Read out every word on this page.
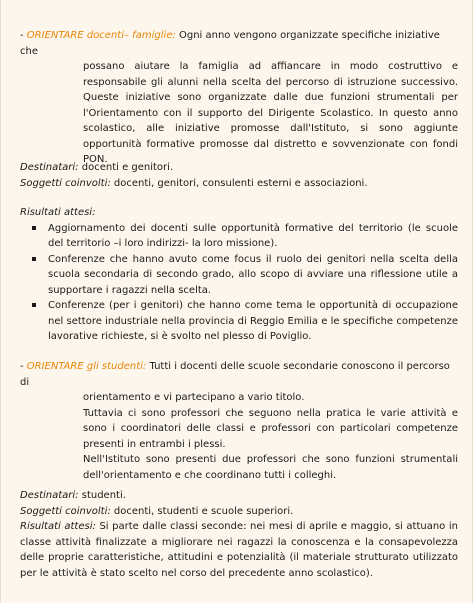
- ORIENTARE docenti– famiglie: Ogni anno vengono organizzate specifiche iniziative che

possano aiutare la famiglia ad affiancare in modo costruttivo e responsabile gli alunni nella scelta del percorso di istruzione successivo. Queste iniziative sono organizzate dalle due funzioni strumentali per l'Orientamento con il supporto del Dirigente Scolastico. In questo anno scolastico, alle iniziative promosse dall'Istituto, si sono aggiunte opportunità formative promosse dal distretto e sovvenzionate con fondi PON.

Destinatari: docenti e genitori.

Soggetti coinvolti: docenti, genitori, consulenti esterni e associazioni.

Risultati attesi:

Aggiornamento dei docenti sulle opportunità formative del territorio (le scuole del territorio –i loro indirizzi- la loro missione).
Conferenze che hanno avuto come focus il ruolo dei genitori nella scelta della scuola secondaria di secondo grado, allo scopo di avviare una riflessione utile a supportare i ragazzi nella scelta.
Conferenze (per i genitori) che hanno come tema le opportunità di occupazione nel settore industriale nella provincia di Reggio Emilia e le specifiche competenze lavorative richieste, si è svolto nel plesso di Poviglio.

- ORIENTARE gli studenti: Tutti i docenti delle scuole secondarie conoscono il percorso di

orientamento e vi partecipano a vario titolo.

Tuttavia ci sono professori che seguono nella pratica le varie attività e sono i coordinatori delle classi e professori con particolari competenze presenti in entrambi i plessi.

Nell'Istituto sono presenti due professori che sono funzioni strumentali dell'orientamento e che coordinano tutti i colleghi.

Destinatari: studenti.

Soggetti coinvolti: docenti, studenti e scuole superiori.

Risultati attesi: Si parte dalle classi seconde: nei mesi di aprile e maggio, si attuano in classe attività finalizzate a migliorare nei ragazzi la conoscenza e la consapevolezza delle proprie caratteristiche, attitudini e potenzialità (il materiale strutturato utilizzato per le attività è stato scelto nel corso del precedente anno scolastico).
